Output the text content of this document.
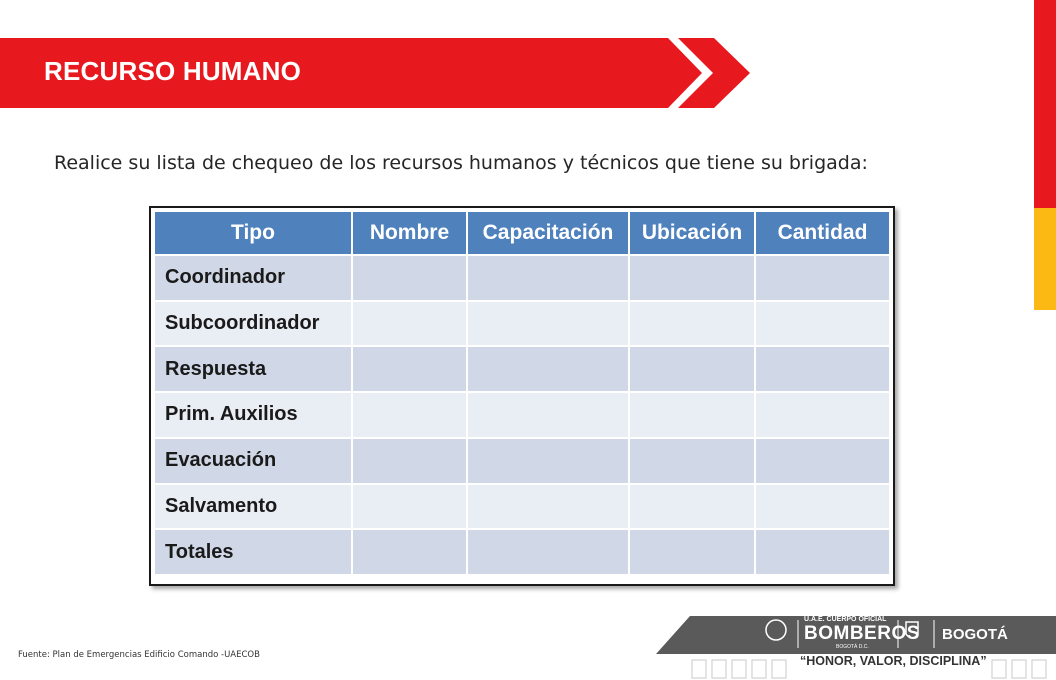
RECURSO HUMANO
Realice su lista de chequeo de los recursos humanos y técnicos que tiene su brigada:
Tipo	Nombre	Capacitación	Ubicación	Cantidad
Coordinador				
Subcoordinador				
Respuesta				
Prim. Auxilios				
Evacuación				
Salvamento				
Totales				
Fuente: Plan de Emergencias Edificio Comando -UAECOB
U.A.E. CUERPO OFICIAL
BOMBEROS
BOGOTÁ D.C.
BOGOTÁ
“HONOR, VALOR, DISCIPLINA”
